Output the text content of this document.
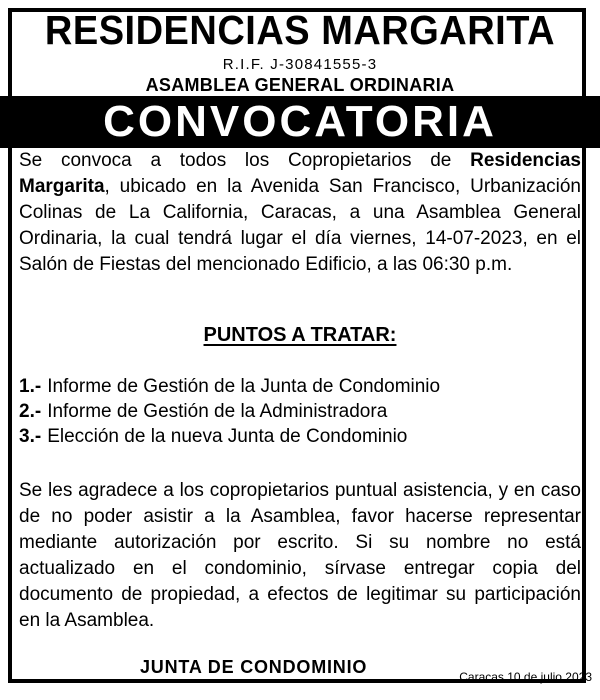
RESIDENCIAS MARGARITA
R.I.F. J-30841555-3
ASAMBLEA GENERAL ORDINARIA
CONVOCATORIA
Se convoca a todos los Copropietarios de Residencias Margarita, ubicado en la Avenida San Francisco, Urbanización Colinas de La California, Caracas, a una Asamblea General Ordinaria, la cual tendrá lugar el día viernes, 14-07-2023, en el Salón de Fiestas del mencionado Edificio, a las 06:30 p.m.
PUNTOS A TRATAR:
1.- Informe de Gestión de la Junta de Condominio
2.- Informe de Gestión de la Administradora
3.- Elección de la nueva Junta de Condominio
Se les agradece a los copropietarios puntual asistencia, y en caso de no poder asistir a la Asamblea, favor hacerse representar mediante autorización por escrito. Si su nombre no está actualizado en el condominio, sírvase entregar copia del documento de propiedad, a efectos de legitimar su participación en la Asamblea.
JUNTA DE CONDOMINIO	Caracas,10 de julio 2023
